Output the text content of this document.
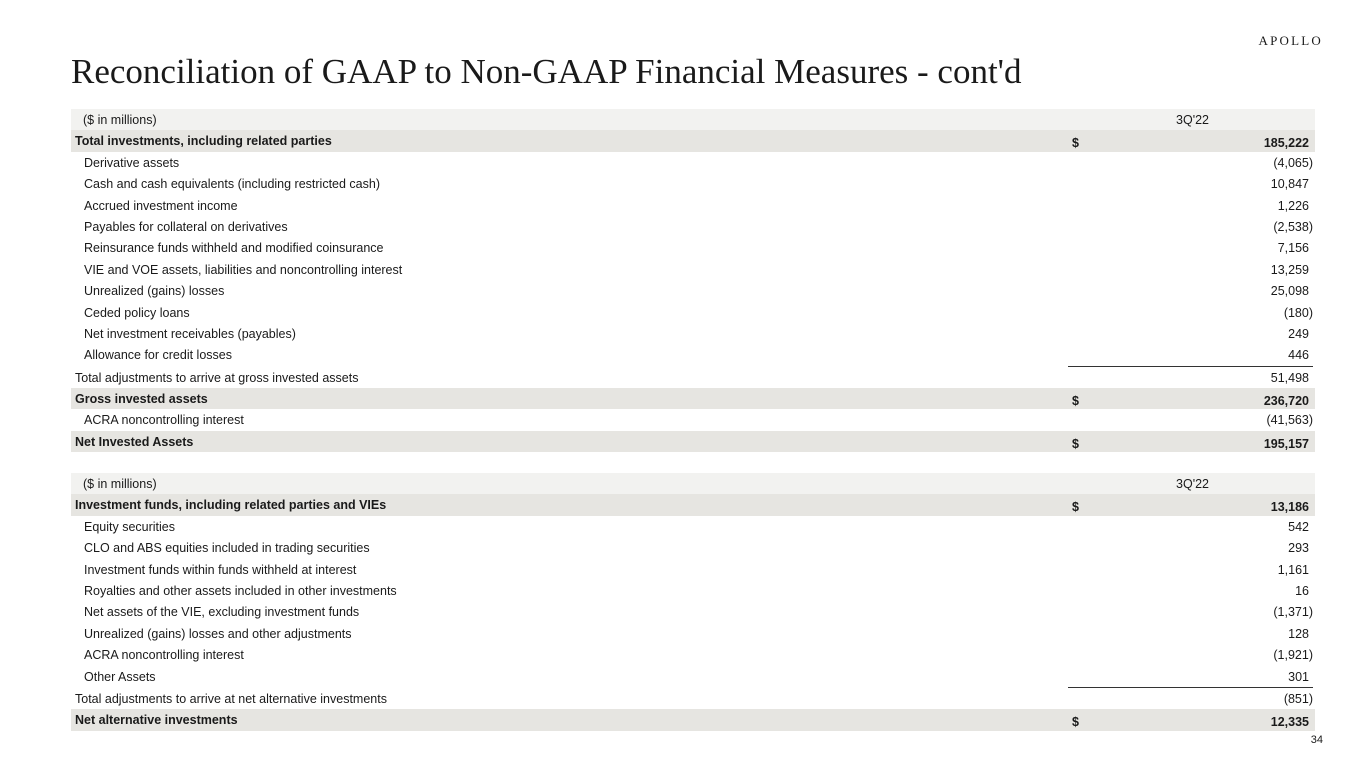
APOLLO
Reconciliation of GAAP to Non-GAAP Financial Measures - cont'd
($ in millions)	3Q'22
Total investments, including related parties	$	185,222
Derivative assets	(4,065)
Cash and cash equivalents (including restricted cash)	10,847
Accrued investment income	1,226
Payables for collateral on derivatives	(2,538)
Reinsurance funds withheld and modified coinsurance	7,156
VIE and VOE assets, liabilities and noncontrolling interest	13,259
Unrealized (gains) losses	25,098
Ceded policy loans	(180)
Net investment receivables (payables)	249
Allowance for credit losses	446
Total adjustments to arrive at gross invested assets	51,498
Gross invested assets	$	236,720
ACRA noncontrolling interest	(41,563)
Net Invested Assets	$	195,157
($ in millions)	3Q'22
Investment funds, including related parties and VIEs	$	13,186
Equity securities	542
CLO and ABS equities included in trading securities	293
Investment funds within funds withheld at interest	1,161
Royalties and other assets included in other investments	16
Net assets of the VIE, excluding investment funds	(1,371)
Unrealized (gains) losses and other adjustments	128
ACRA noncontrolling interest	(1,921)
Other Assets	301
Total adjustments to arrive at net alternative investments	(851)
Net alternative investments	$	12,335
34
